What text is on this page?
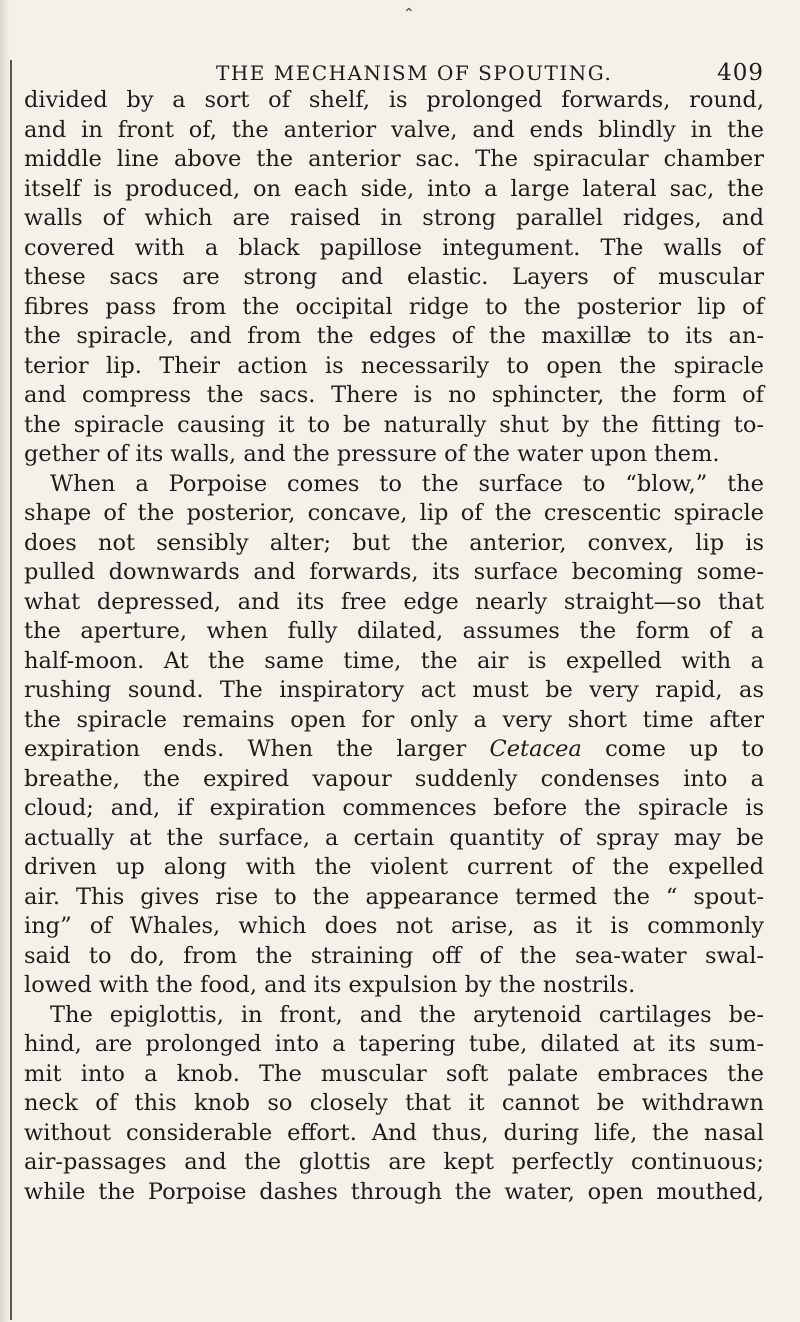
⌃
THE MECHANISM OF SPOUTING.	409
divided by a sort of shelf, is prolonged forwards, round,
and in front of, the anterior valve, and ends blindly in the
middle line above the anterior sac. The spiracular chamber
itself is produced, on each side, into a large lateral sac, the
walls of which are raised in strong parallel ridges, and
covered with a black papillose integument. The walls of
these sacs are strong and elastic. Layers of muscular
fibres pass from the occipital ridge to the posterior lip of
the spiracle, and from the edges of the maxillæ to its an-
terior lip. Their action is necessarily to open the spiracle
and compress the sacs. There is no sphincter, the form of
the spiracle causing it to be naturally shut by the fitting to-
gether of its walls, and the pressure of the water upon them.
When a Porpoise comes to the surface to “blow,” the
shape of the posterior, concave, lip of the crescentic spiracle
does not sensibly alter; but the anterior, convex, lip is
pulled downwards and forwards, its surface becoming some-
what depressed, and its free edge nearly straight—so that
the aperture, when fully dilated, assumes the form of a
half-moon. At the same time, the air is expelled with a
rushing sound. The inspiratory act must be very rapid, as
the spiracle remains open for only a very short time after
expiration ends. When the larger Cetacea come up to
breathe, the expired vapour suddenly condenses into a
cloud; and, if expiration commences before the spiracle is
actually at the surface, a certain quantity of spray may be
driven up along with the violent current of the expelled
air. This gives rise to the appearance termed the “ spout-
ing” of Whales, which does not arise, as it is commonly
said to do, from the straining off of the sea-water swal-
lowed with the food, and its expulsion by the nostrils.
The epiglottis, in front, and the arytenoid cartilages be-
hind, are prolonged into a tapering tube, dilated at its sum-
mit into a knob. The muscular soft palate embraces the
neck of this knob so closely that it cannot be withdrawn
without considerable effort. And thus, during life, the nasal
air-passages and the glottis are kept perfectly continuous;
while the Porpoise dashes through the water, open mouthed,
